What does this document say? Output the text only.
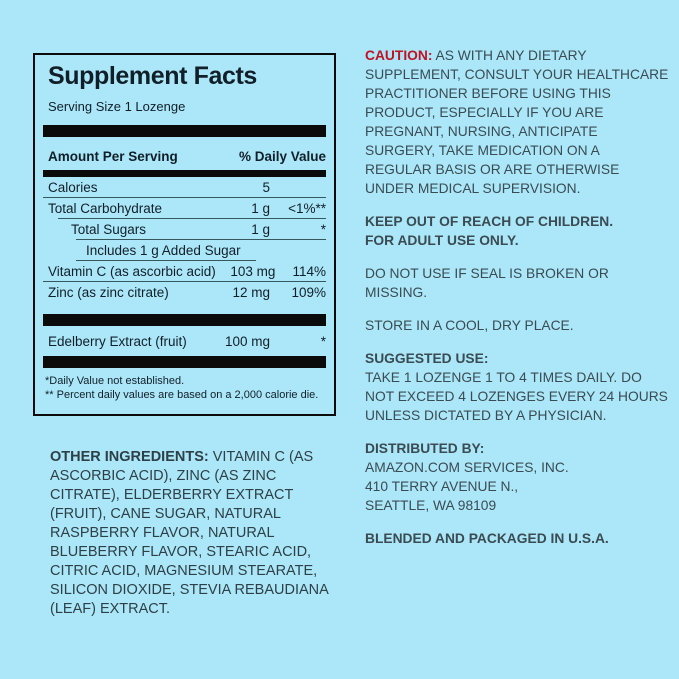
Supplement Facts
Serving Size 1 Lozenge
Amount Per Serving	% Daily Value
Calories	5
Total Carbohydrate	1 g	<1%**
Total Sugars	1 g	*
Includes 1 g Added Sugar
Vitamin C (as ascorbic acid)	103 mg	114%
Zinc (as zinc citrate)	12 mg	109%
Edelberry Extract (fruit)	100 mg	*
*Daily Value not established.
** Percent daily values are based on a 2,000 calorie die.
OTHER INGREDIENTS: VITAMIN C (AS ASCORBIC ACID), ZINC (AS ZINC CITRATE), ELDERBERRY EXTRACT (FRUIT), CANE SUGAR, NATURAL RASPBERRY FLAVOR, NATURAL BLUEBERRY FLAVOR, STEARIC ACID, CITRIC ACID, MAGNESIUM STEARATE, SILICON DIOXIDE, STEVIA REBAUDIANA (LEAF) EXTRACT.
CAUTION: AS WITH ANY DIETARY SUPPLEMENT, CONSULT YOUR HEALTHCARE PRACTITIONER BEFORE USING THIS PRODUCT, ESPECIALLY IF YOU ARE PREGNANT, NURSING, ANTICIPATE SURGERY, TAKE MEDICATION ON A REGULAR BASIS OR ARE OTHERWISE UNDER MEDICAL SUPERVISION.
KEEP OUT OF REACH OF CHILDREN.
FOR ADULT USE ONLY.
DO NOT USE IF SEAL IS BROKEN OR MISSING.
STORE IN A COOL, DRY PLACE.
SUGGESTED USE:
TAKE 1 LOZENGE 1 TO 4 TIMES DAILY. DO NOT EXCEED 4 LOZENGES EVERY 24 HOURS UNLESS DICTATED BY A PHYSICIAN.
DISTRIBUTED BY:
AMAZON.COM SERVICES, INC.
410 TERRY AVENUE N.,
SEATTLE, WA 98109
BLENDED AND PACKAGED IN U.S.A.
